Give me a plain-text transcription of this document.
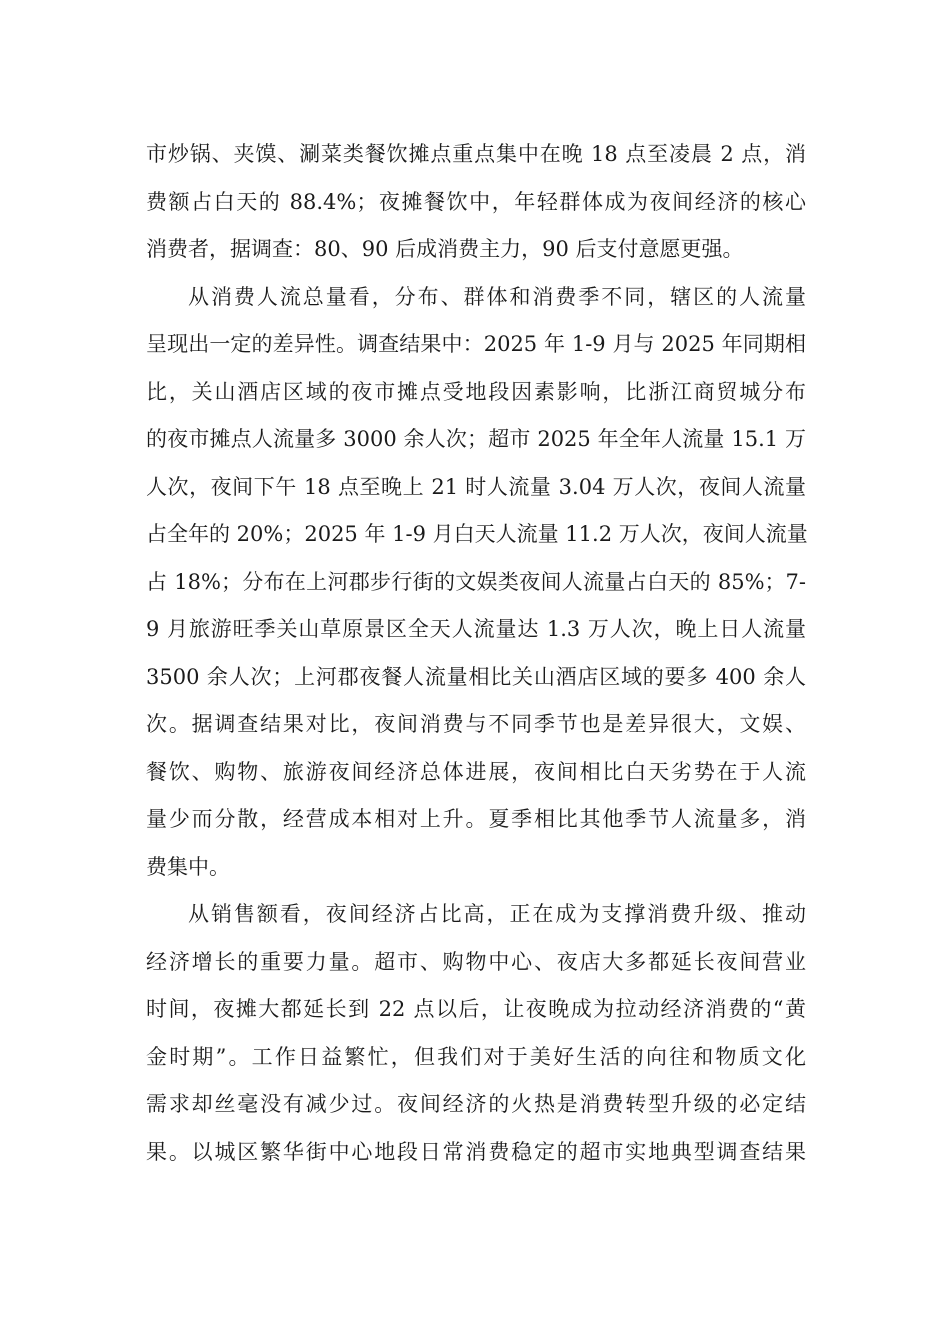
市炒锅、夹馍、涮菜类餐饮摊点重点集中在晚 18 点至凌晨 2 点，消
费额占白天的 88.4%；夜摊餐饮中，年轻群体成为夜间经济的核心
消费者，据调查：80、90 后成消费主力，90 后支付意愿更强。
从消费人流总量看，分布、群体和消费季不同，辖区的人流量
呈现出一定的差异性。调查结果中：2025 年 1-9 月与 2025 年同期相
比，关山酒店区域的夜市摊点受地段因素影响，比浙江商贸城分布
的夜市摊点人流量多 3000 余人次；超市 2025 年全年人流量 15.1 万
人次，夜间下午 18 点至晚上 21 时人流量 3.04 万人次，夜间人流量
占全年的 20%；2025 年 1-9 月白天人流量 11.2 万人次，夜间人流量
占 18%；分布在上河郡步行街的文娱类夜间人流量占白天的 85%；7-
9 月旅游旺季关山草原景区全天人流量达 1.3 万人次，晚上日人流量
3500 余人次；上河郡夜餐人流量相比关山酒店区域的要多 400 余人
次。据调查结果对比，夜间消费与不同季节也是差异很大，文娱、
餐饮、购物、旅游夜间经济总体进展，夜间相比白天劣势在于人流
量少而分散，经营成本相对上升。夏季相比其他季节人流量多，消
费集中。
从销售额看，夜间经济占比高，正在成为支撑消费升级、推动
经济增长的重要力量。超市、购物中心、夜店大多都延长夜间营业
时间，夜摊大都延长到 22 点以后，让夜晚成为拉动经济消费的“黄
金时期”。工作日益繁忙，但我们对于美好生活的向往和物质文化
需求却丝毫没有减少过。夜间经济的火热是消费转型升级的必定结
果。以城区繁华街中心地段日常消费稳定的超市实地典型调查结果
